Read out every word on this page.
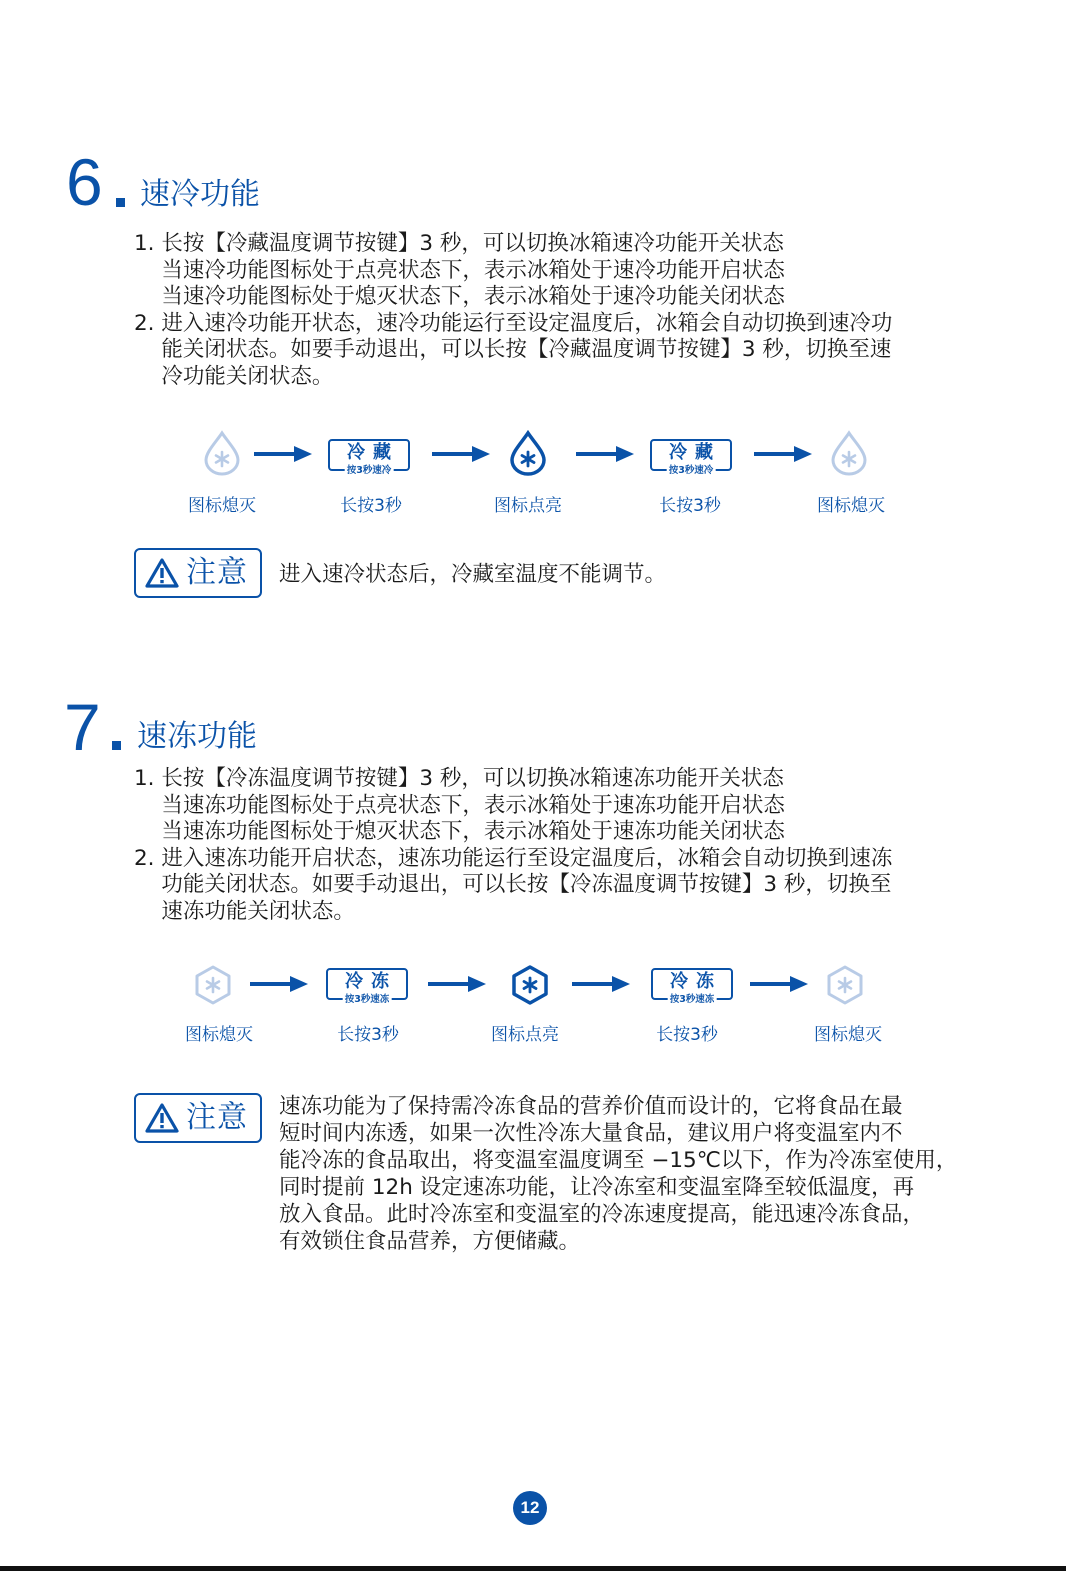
6 速冷功能
1. 长按【冷藏温度调节按键】3 秒，可以切换冰箱速冷功能开关状态
当速冷功能图标处于点亮状态下，表示冰箱处于速冷功能开启状态
当速冷功能图标处于熄灭状态下，表示冰箱处于速冷功能关闭状态
2. 进入速冷功能开状态，速冷功能运行至设定温度后，冰箱会自动切换到速冷功
能关闭状态。如要手动退出，可以长按【冷藏温度调节按键】3 秒，切换至速
冷功能关闭状态。
冷藏
按3秒速冷
冷藏
按3秒速冷
图标熄灭	长按3秒	图标点亮	长按3秒	图标熄灭
注意 进入速冷状态后，冷藏室温度不能调节。
7 速冻功能
1. 长按【冷冻温度调节按键】3 秒，可以切换冰箱速冻功能开关状态
当速冻功能图标处于点亮状态下，表示冰箱处于速冻功能开启状态
当速冻功能图标处于熄灭状态下，表示冰箱处于速冻功能关闭状态
2. 进入速冻功能开启状态，速冻功能运行至设定温度后，冰箱会自动切换到速冻
功能关闭状态。如要手动退出，可以长按【冷冻温度调节按键】3 秒，切换至
速冻功能关闭状态。
冷冻
按3秒速冻
冷冻
按3秒速冻
图标熄灭	长按3秒	图标点亮	长按3秒	图标熄灭
注意 速冻功能为了保持需冷冻食品的营养价值而设计的，它将食品在最
短时间内冻透，如果一次性冷冻大量食品，建议用户将变温室内不
能冷冻的食品取出，将变温室温度调至 −15℃以下，作为冷冻室使用，
同时提前 12h 设定速冻功能，让冷冻室和变温室降至较低温度，再
放入食品。此时冷冻室和变温室的冷冻速度提高，能迅速冷冻食品，
有效锁住食品营养，方便储藏。
12
